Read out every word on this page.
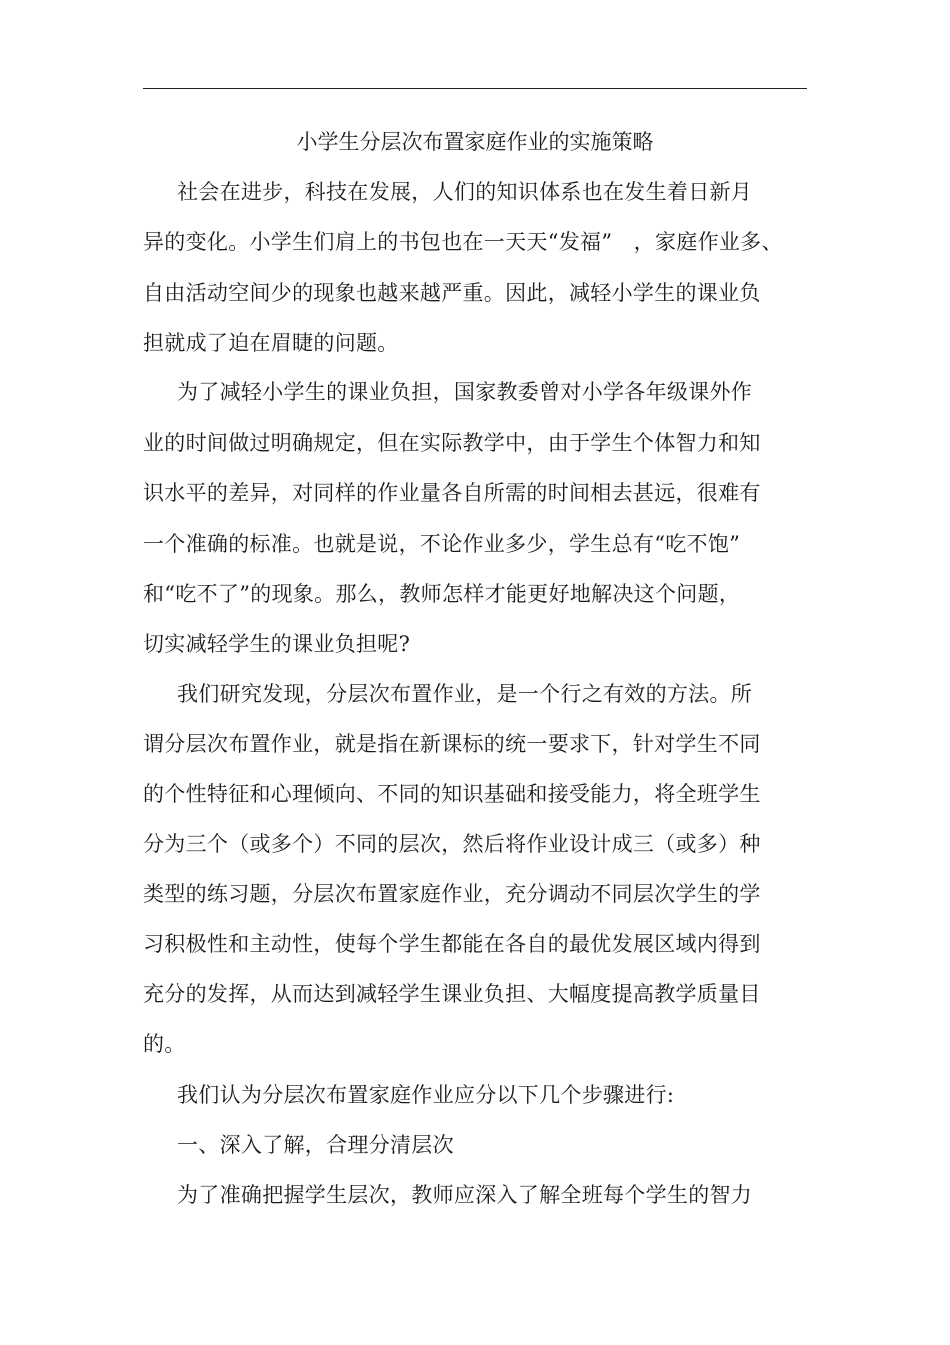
小学生分层次布置家庭作业的实施策略
社会在进步，科技在发展，人们的知识体系也在发生着日新月
异的变化。小学生们肩上的书包也在一天天“发福”　，家庭作业多、
自由活动空间少的现象也越来越严重。因此，减轻小学生的课业负
担就成了迫在眉睫的问题。
为了减轻小学生的课业负担，国家教委曾对小学各年级课外作
业的时间做过明确规定，但在实际教学中，由于学生个体智力和知
识水平的差异，对同样的作业量各自所需的时间相去甚远，很难有
一个准确的标准。也就是说，不论作业多少，学生总有“吃不饱”
和“吃不了”的现象。那么，教师怎样才能更好地解决这个问题，
切实减轻学生的课业负担呢?
我们研究发现，分层次布置作业，是一个行之有效的方法。所
谓分层次布置作业，就是指在新课标的统一要求下，针对学生不同
的个性特征和心理倾向、不同的知识基础和接受能力，将全班学生
分为三个（或多个）不同的层次，然后将作业设计成三（或多）种
类型的练习题，分层次布置家庭作业，充分调动不同层次学生的学
习积极性和主动性，使每个学生都能在各自的最优发展区域内得到
充分的发挥，从而达到减轻学生课业负担、大幅度提高教学质量目
的。
我们认为分层次布置家庭作业应分以下几个步骤进行:
一、深入了解，合理分清层次
为了准确把握学生层次，教师应深入了解全班每个学生的智力
